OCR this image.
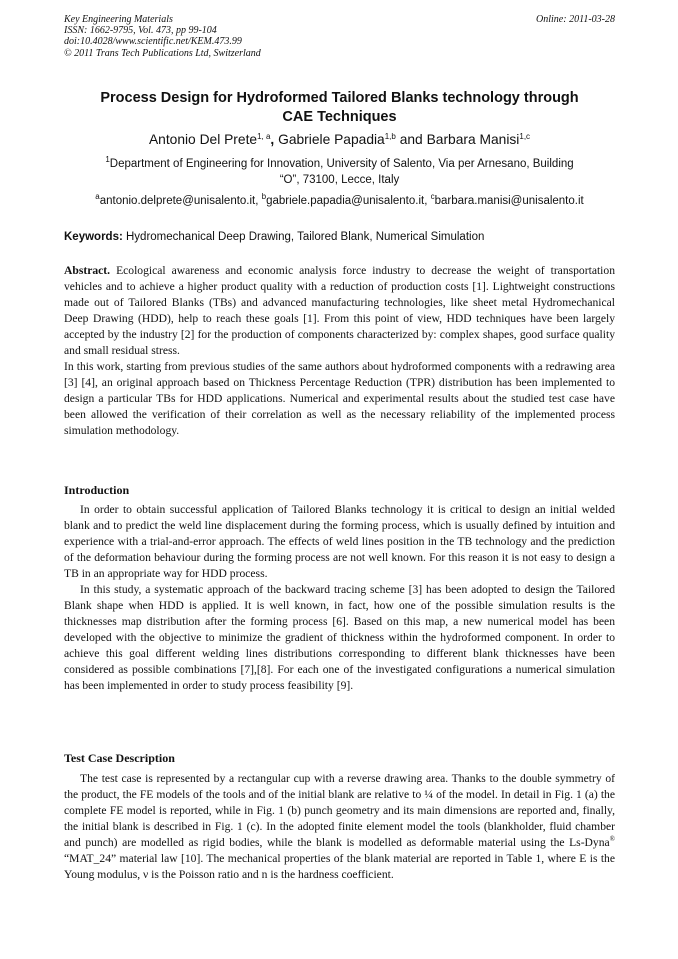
Key Engineering Materials
ISSN: 1662-9795, Vol. 473, pp 99-104
doi:10.4028/www.scientific.net/KEM.473.99
© 2011 Trans Tech Publications Ltd, Switzerland
Online: 2011-03-28
Process Design for Hydroformed Tailored Blanks technology through
CAE Techniques
Antonio Del Prete$^{1, a}$, Gabriele Papadia$^{1,b}$ and Barbara Manisi$^{1,c}$
$^1$Department of Engineering for Innovation, University of Salento, Via per Arnesano, Building
“O”, 73100, Lecce, Italy
$^a$antonio.delprete@unisalento.it, $^b$gabriele.papadia@unisalento.it, $^c$barbara.manisi@unisalento.it
Keywords: Hydromechanical Deep Drawing, Tailored Blank, Numerical Simulation

Abstract. Ecological awareness and economic analysis force industry to decrease the weight of transportation vehicles and to achieve a higher product quality with a reduction of production costs [1]. Lightweight constructions made out of Tailored Blanks (TBs) and advanced manufacturing technologies, like sheet metal Hydromechanical Deep Drawing (HDD), help to reach these goals [1]. From this point of view, HDD techniques have been largely accepted by the industry [2] for the production of components characterized by: complex shapes, good surface quality and small residual stress.

In this work, starting from previous studies of the same authors about hydroformed components with a redrawing area [3] [4], an original approach based on Thickness Percentage Reduction (TPR) distribution has been implemented to design a particular TBs for HDD applications. Numerical and experimental results about the studied test case have been allowed the verification of their correlation as well as the necessary reliability of the implemented process simulation methodology.

Introduction

In order to obtain successful application of Tailored Blanks technology it is critical to design an initial welded blank and to predict the weld line displacement during the forming process, which is usually defined by intuition and experience with a trial-and-error approach. The effects of weld lines position in the TB technology and the prediction of the deformation behaviour during the forming process are not well known. For this reason it is not easy to design a TB in an appropriate way for HDD process.

In this study, a systematic approach of the backward tracing scheme [3] has been adopted to design the Tailored Blank shape when HDD is applied. It is well known, in fact, how one of the possible simulation results is the thicknesses map distribution after the forming process [6]. Based on this map, a new numerical model has been developed with the objective to minimize the gradient of thickness within the hydroformed component. In order to achieve this goal different welding lines distributions corresponding to different blank thicknesses have been considered as possible combinations [7],[8]. For each one of the investigated configurations a numerical simulation has been implemented in order to study process feasibility [9].

Test Case Description

The test case is represented by a rectangular cup with a reverse drawing area. Thanks to the double symmetry of the product, the FE models of the tools and of the initial blank are relative to ¼ of the model. In detail in Fig. 1 (a) the complete FE model is reported, while in Fig. 1 (b) punch geometry and its main dimensions are reported and, finally, the initial blank is described in Fig. 1 (c). In the adopted finite element model the tools (blankholder, fluid chamber and punch) are modelled as rigid bodies, while the blank is modelled as deformable material using the Ls-Dyna® “MAT_24” material law [10]. The mechanical properties of the blank material are reported in Table 1, where E is the Young modulus, ν is the Poisson ratio and n is the hardness coefficient.
